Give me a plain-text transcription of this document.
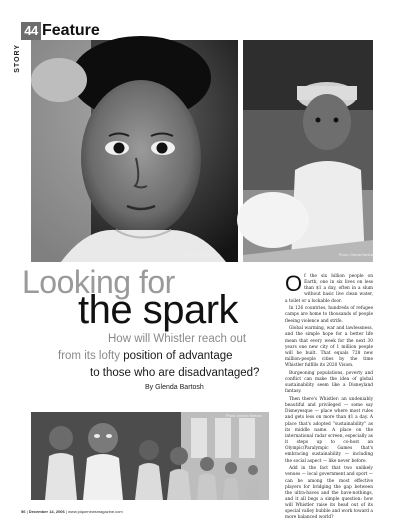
44 Feature
STORY
Photo: Andrew Bartosh	Photo: Glenda Bartosh
Looking for
the spark
How will Whistler reach out
from its lofty position of advantage
to those who are disadvantaged?
By Glenda Bartosh
Photo: Andrew Bartosh

Of the six billion people on Earth, one in six lives on less than $1 a day, often in a slum without basic live clean water, a toilet or a lockable door.

In 126 countries, hundreds of refugee camps are home to thousands of people fleeing violence and strife.

Global warming, war and lawlessness, and the simple hope for a better life mean that every week for the next 30 years one new city of 1 million people will be built. That equals 728 new million-people cities by the time Whistler fulfills its 2020 Vision.

Burgeoning populations, poverty and conflict can make the idea of global sustainability seem like a Disneyland fantasy.

Then there's Whistler: an undeniably beautiful and privileged — some say Disneyesque — place where most rules and gets less on more than $1 a day. A place that's adopted "sustainability" as its middle name. A place on the international radar screen, especially as it steps up to co-host an Olympic/Paralympic Games that's embracing sustainability — including the social aspect — like never before.

Add in the fact that two unlikely venues — local government and sport — can be among the most effective players for bridging the gap between the ultra-haves and the have-nothings, and it all begs a simple question: how will Whistler raise its head out of its special valley bubble and work toward a more balanced world?

56 | December 14, 2006 | www.piquenewsmagazine.com
